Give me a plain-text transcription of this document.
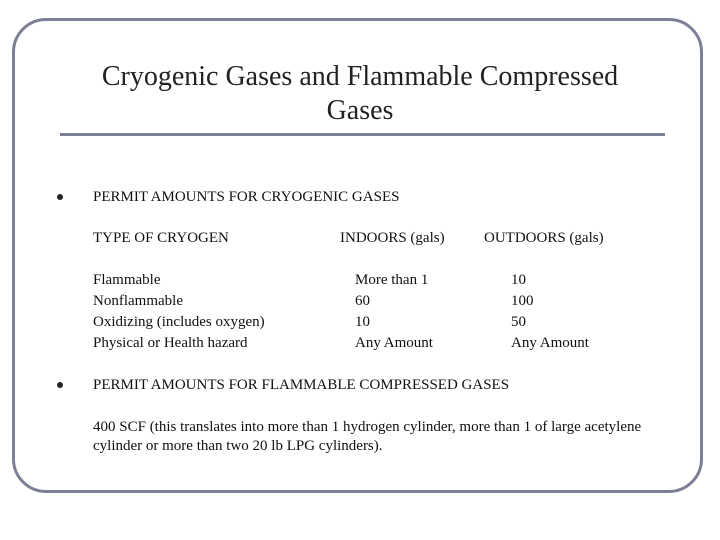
Cryogenic Gases and Flammable Compressed
Gases
PERMIT AMOUNTS FOR CRYOGENIC GASES
TYPE OF CRYOGEN	INDOORS (gals)	OUTDOORS (gals)
Flammable	More than 1	10
Nonflammable	60	100
Oxidizing (includes oxygen)	10	50
Physical or Health hazard	Any Amount	Any Amount
PERMIT AMOUNTS FOR FLAMMABLE COMPRESSED GASES
400 SCF (this translates into more than 1 hydrogen cylinder, more than 1 of large acetylene cylinder or more than two 20 lb LPG cylinders).
